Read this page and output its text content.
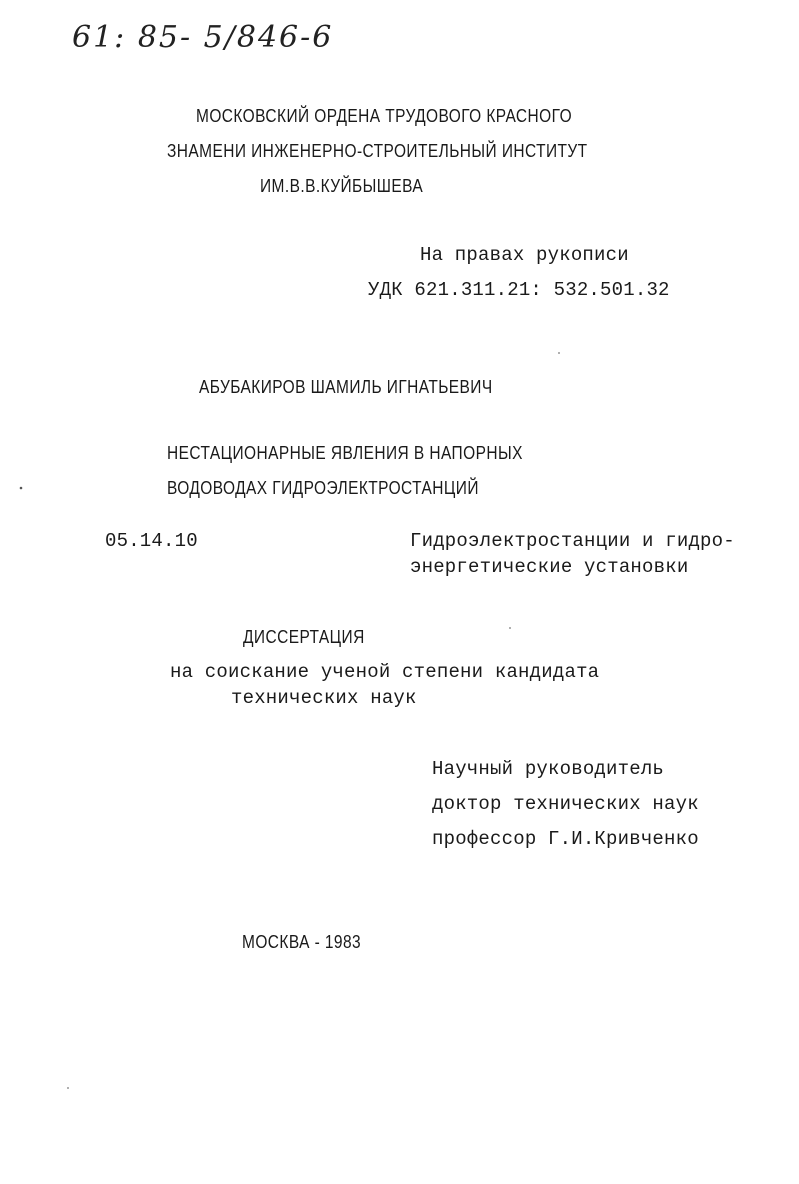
61: 85- 5/846-6
МОСКОВСКИЙ ОРДЕНА ТРУДОВОГО КРАСНОГО
ЗНАМЕНИ ИНЖЕНЕРНО-СТРОИТЕЛЬНЫЙ ИНСТИТУТ
ИМ.В.В.КУЙБЫШЕВА
На правах рукописи
УДК 621.311.21: 532.501.32
АБУБАКИРОВ ШАМИЛЬ ИГНАТЬЕВИЧ
НЕСТАЦИОНАРНЫЕ ЯВЛЕНИЯ В НАПОРНЫХ
ВОДОВОДАХ ГИДРОЭЛЕКТРОСТАНЦИЙ
05.14.10	Гидроэлектростанции и гидро-
энергетические установки
ДИССЕРТАЦИЯ
на соискание ученой степени кандидата
технических наук
Научный руководитель
доктор технических наук
профессор Г.И.Кривченко
МОСКВА - 1983
